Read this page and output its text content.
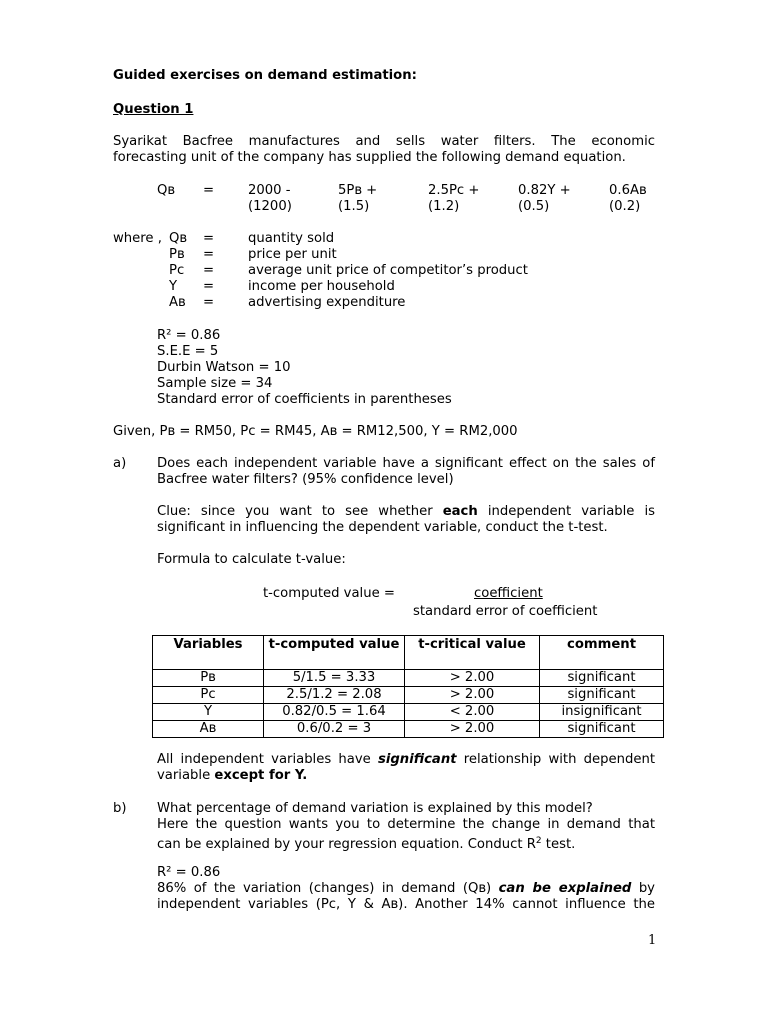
Guided exercises on demand estimation:
Question 1
Syarikat Bacfree manufactures and sells water filters. The economic
forecasting unit of the company has supplied the following demand equation.
Qʙ =	2000 -	5Pʙ +	2.5Pᴄ +	0.82Y +	0.6Aʙ
(1200)	(1.5)	(1.2)	(0.5)	(0.2)
where , Qʙ =	quantity sold
Pʙ =	price per unit
Pᴄ =	average unit price of competitor’s product
Y =	income per household
Aʙ =	advertising expenditure
R² = 0.86
S.E.E = 5
Durbin Watson = 10
Sample size = 34
Standard error of coefficients in parentheses
Given, Pʙ = RM50, Pᴄ = RM45, Aʙ = RM12,500, Y = RM2,000
a) Does each independent variable have a significant effect on the sales of
Bacfree water filters? (95% confidence level)
Clue: since you want to see whether each independent variable is
significant in influencing the dependent variable, conduct the t-test.
Formula to calculate t-value:
t-computed value =	coefficient
standard error of coefficient
Variables	t-computed value	t-critical value	comment
Pʙ	5/1.5 = 3.33	> 2.00	significant
Pᴄ	2.5/1.2 = 2.08	> 2.00	significant
Y	0.82/0.5 = 1.64	< 2.00	insignificant
Aʙ	0.6/0.2 = 3	> 2.00	significant
All independent variables have significant relationship with dependent
variable except for Y.
b) What percentage of demand variation is explained by this model?
Here the question wants you to determine the change in demand that
can be explained by your regression equation. Conduct $R^2$ test.
R² = 0.86
86% of the variation (changes) in demand (Qʙ) can be explained by
independent variables (Pᴄ, Y & Aʙ). Another 14% cannot influence the
1
